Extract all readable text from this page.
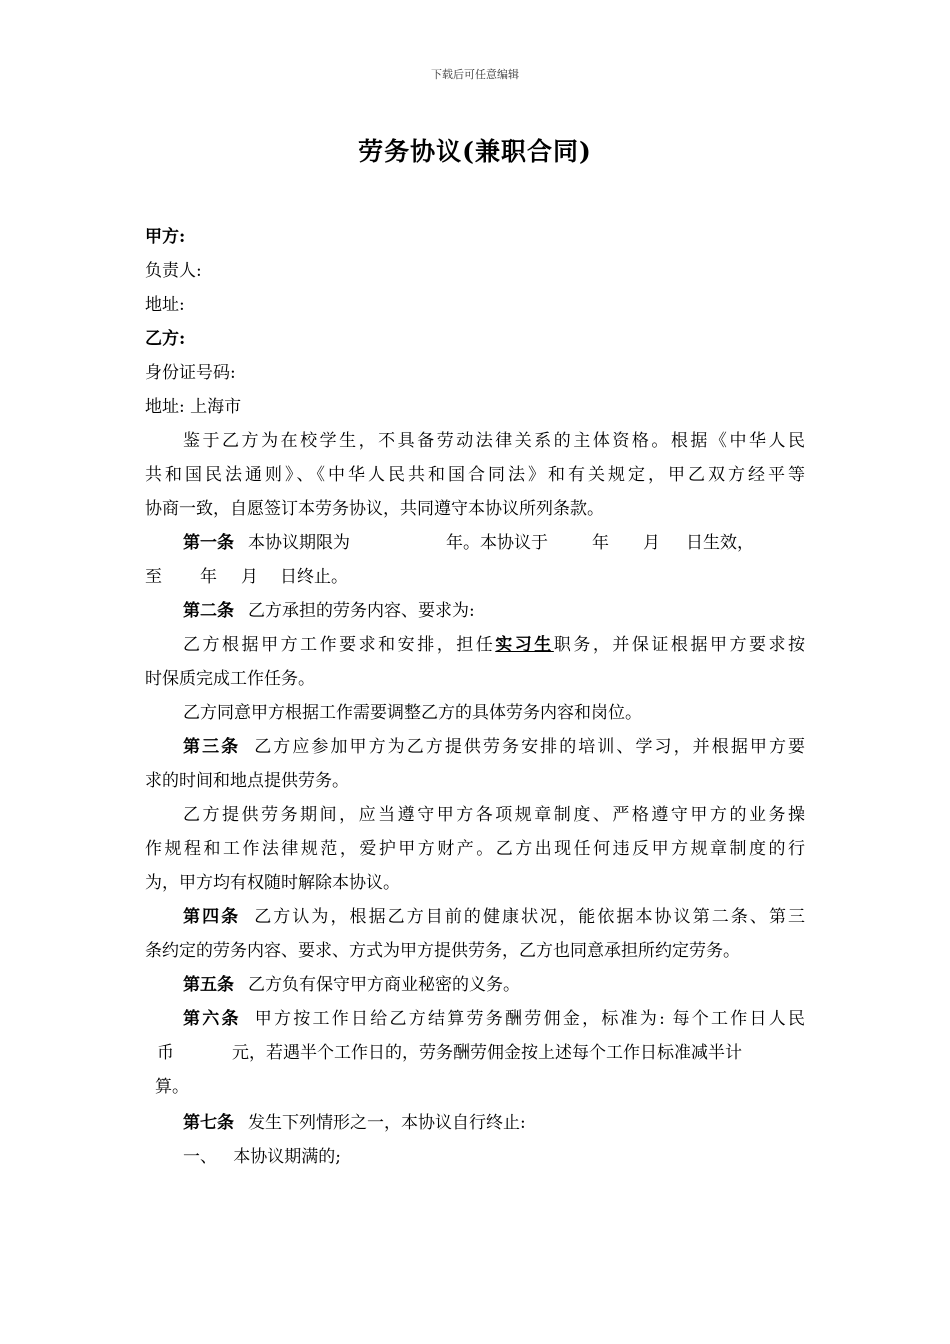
下载后可任意编辑
劳务协议(兼职合同)
甲方:
负责人:
地址:
乙方:
身份证号码:
地址: 上海市
鉴于乙方为在校学生，不具备劳动法律关系的主体资格。根据《中华人民
共和国民法通则》、《中华人民共和国合同法》和有关规定，甲乙双方经平等
协商一致，自愿签订本劳务协议，共同遵守本协议所列条款。
第一条 本协议期限为	年。本协议于	年 月 日生效，
至 年 月 日终止。
第二条 乙方承担的劳务内容、要求为:
乙方根据甲方工作要求和安排，担任实习生职务，并保证根据甲方要求按
时保质完成工作任务。
乙方同意甲方根据工作需要调整乙方的具体劳务内容和岗位。
第三条 乙方应参加甲方为乙方提供劳务安排的培训、学习，并根据甲方要
求的时间和地点提供劳务。
乙方提供劳务期间，应当遵守甲方各项规章制度、严格遵守甲方的业务操
作规程和工作法律规范，爱护甲方财产。乙方出现任何违反甲方规章制度的行
为，甲方均有权随时解除本协议。
第四条 乙方认为，根据乙方目前的健康状况，能依据本协议第二条、第三
条约定的劳务内容、要求、方式为甲方提供劳务，乙方也同意承担所约定劳务。
第五条 乙方负有保守甲方商业秘密的义务。
第六条 甲方按工作日给乙方结算劳务酬劳佣金，标准为: 每个工作日人民
币	元，若遇半个工作日的，劳务酬劳佣金按上述每个工作日标准减半计
算。
第七条 发生下列情形之一，本协议自行终止:
一、   本协议期满的;
